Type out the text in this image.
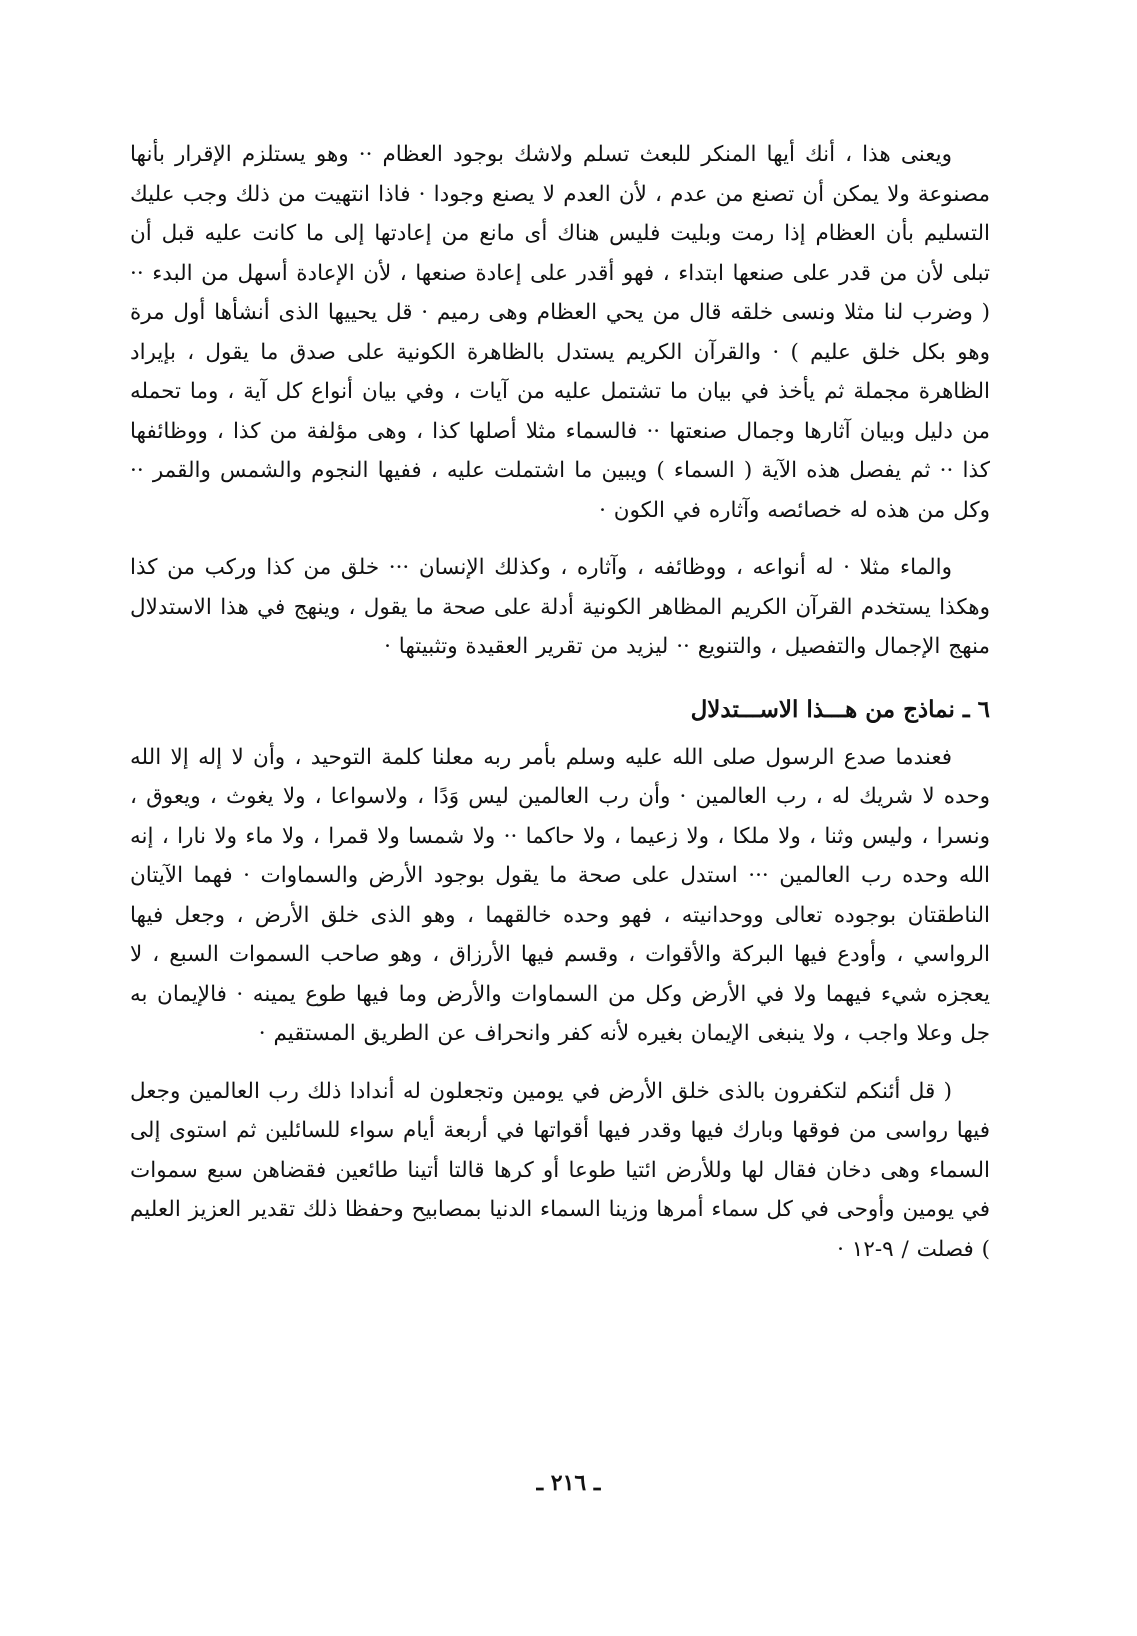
ويعنى هذا ، أنك أيها المنكر للبعث تسلم ولاشك بوجود العظام ·· وهو يستلزم الإقرار بأنها مصنوعة ولا يمكن أن تصنع من عدم ، لأن العدم لا يصنع وجودا · فاذا انتهيت من ذلك وجب عليك التسليم بأن العظام إذا رمت وبليت فليس هناك أى مانع من إعادتها إلى ما كانت عليه قبل أن تبلى لأن من قدر على صنعها ابتداء ، فهو أقدر على إعادة صنعها ، لأن الإعادة أسهل من البدء ·· ( وضرب لنا مثلا ونسى خلقه قال من يحي العظام وهى رميم · قل يحييها الذى أنشأها أول مرة وهو بكل خلق عليم ) · والقرآن الكريم يستدل بالظاهرة الكونية على صدق ما يقول ، بإيراد الظاهرة مجملة ثم يأخذ في بيان ما تشتمل عليه من آيات ، وفي بيان أنواع كل آية ، وما تحمله من دليل وبيان آثارها وجمال صنعتها ·· فالسماء مثلا أصلها كذا ، وهى مؤلفة من كذا ، ووظائفها كذا ·· ثم يفصل هذه الآية ( السماء ) ويبين ما اشتملت عليه ، ففيها النجوم والشمس والقمر ·· وكل من هذه له خصائصه وآثاره في الكون ·

والماء مثلا · له أنواعه ، ووظائفه ، وآثاره ، وكذلك الإنسان ··· خلق من كذا وركب من كذا وهكذا يستخدم القرآن الكريم المظاهر الكونية أدلة على صحة ما يقول ، وينهج في هذا الاستدلال منهج الإجمال والتفصيل ، والتنويع ·· ليزيد من تقرير العقيدة وتثبيتها ·

٦ ـ نماذج من هـــذا الاســـتدلال

فعندما صدع الرسول صلى الله عليه وسلم بأمر ربه معلنا كلمة التوحيد ، وأن لا إله إلا الله وحده لا شريك له ، رب العالمين · وأن رب العالمين ليس وَدًا ، ولاسواعا ، ولا يغوث ، ويعوق ، ونسرا ، وليس وثنا ، ولا ملكا ، ولا زعيما ، ولا حاكما ·· ولا شمسا ولا قمرا ، ولا ماء ولا نارا ، إنه الله وحده رب العالمين ··· استدل على صحة ما يقول بوجود الأرض والسماوات · فهما الآيتان الناطقتان بوجوده تعالى ووحدانيته ، فهو وحده خالقهما ، وهو الذى خلق الأرض ، وجعل فيها الرواسي ، وأودع فيها البركة والأقوات ، وقسم فيها الأرزاق ، وهو صاحب السموات السبع ، لا يعجزه شيء فيهما ولا في الأرض وكل من السماوات والأرض وما فيها طوع يمينه · فالإيمان به جل وعلا واجب ، ولا ينبغى الإيمان بغيره لأنه كفر وانحراف عن الطريق المستقيم ·

( قل أئنكم لتكفرون بالذى خلق الأرض في يومين وتجعلون له أندادا ذلك رب العالمين وجعل فيها رواسى من فوقها وبارك فيها وقدر فيها أقواتها في أربعة أيام سواء للسائلين ثم استوى إلى السماء وهى دخان فقال لها وللأرض ائتيا طوعا أو كرها قالتا أتينا طائعين فقضاهن سبع سموات في يومين وأوحى في كل سماء أمرها وزينا السماء الدنيا بمصابيح وحفظا ذلك تقدير العزيز العليم ) فصلت / ٩-١٢ ·

ـ ٢١٦ ـ
